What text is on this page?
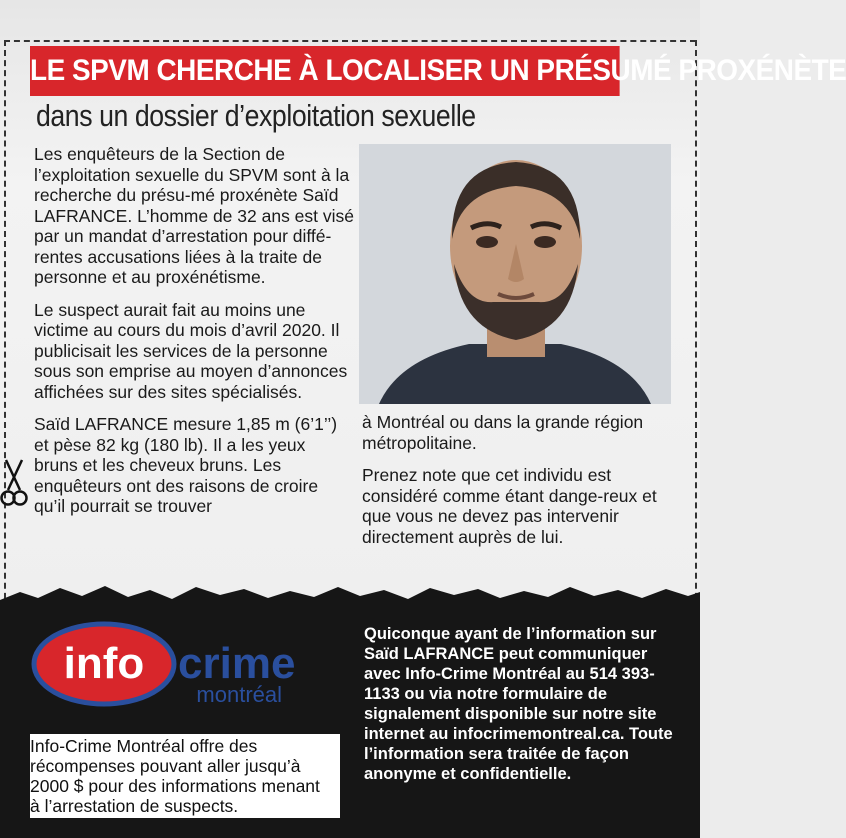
LE SPVM CHERCHE À LOCALISER UN PRÉSUMÉ PROXÉNÈTE
dans un dossier d’exploitation sexuelle

Les enquêteurs de la Section de l’exploitation sexuelle du SPVM sont à la recherche du présu-mé proxénète Saïd LAFRANCE. L’homme de 32 ans est visé par un mandat d’arrestation pour diffé-rentes accusations liées à la traite de personne et au proxénétisme.

Le suspect aurait fait au moins une victime au cours du mois d’avril 2020. Il publicisait les services de la personne sous son emprise au moyen d’annonces affichées sur des sites spécialisés.

Saïd LAFRANCE mesure 1,85 m (6’1’’) et pèse 82 kg (180 lb). Il a les yeux bruns et les cheveux bruns. Les enquêteurs ont des raisons de croire qu’il pourrait se trouver

à Montréal ou dans la grande région métropolitaine.

Prenez note que cet individu est considéré comme étant dange-reux et que vous ne devez pas intervenir directement auprès de lui.

info crime
montréal
Info-Crime Montréal offre des récompenses pouvant aller jusqu’à 2000 $ pour des informations menant à l’arrestation de suspects.
Quiconque ayant de l’information sur Saïd LAFRANCE peut communiquer avec Info-Crime Montréal au 514 393-1133 ou via notre formulaire de signalement disponible sur notre site internet au infocrimemontreal.ca. Toute l’information sera traitée de façon anonyme et confidentielle.
